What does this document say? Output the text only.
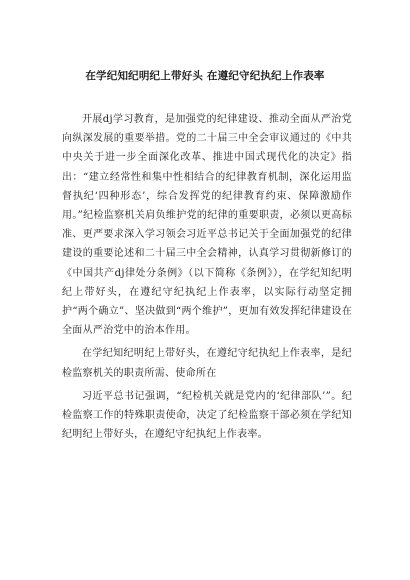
在学纪知纪明纪上带好头 在遵纪守纪执纪上作表率

开展dj学习教育，是加强党的纪律建设、推动全面从严治党向纵深发展的重要举措。党的二十届三中全会审议通过的《中共中央关于进一步全面深化改革、推进中国式现代化的决定》指出：“建立经常性和集中性相结合的纪律教育机制，深化运用监督执纪‘四种形态’，综合发挥党的纪律教育约束、保障激励作用。”纪检监察机关肩负维护党的纪律的重要职责，必须以更高标准、更严要求深入学习领会习近平总书记关于全面加强党的纪律建设的重要论述和二十届三中全会精神，认真学习贯彻新修订的《中国共产dj律处分条例》（以下简称《条例》），在学纪知纪明纪上带好头，在遵纪守纪执纪上作表率，以实际行动坚定拥护“两个确立”、坚决做到“两个维护”，更加有效发挥纪律建设在全面从严治党中的治本作用。

在学纪知纪明纪上带好头，在遵纪守纪执纪上作表率，是纪检监察机关的职责所需、使命所在

习近平总书记强调，“纪检机关就是党内的‘纪律部队’”。纪检监察工作的特殊职责使命，决定了纪检监察干部必须在学纪知纪明纪上带好头，在遵纪守纪执纪上作表率。
